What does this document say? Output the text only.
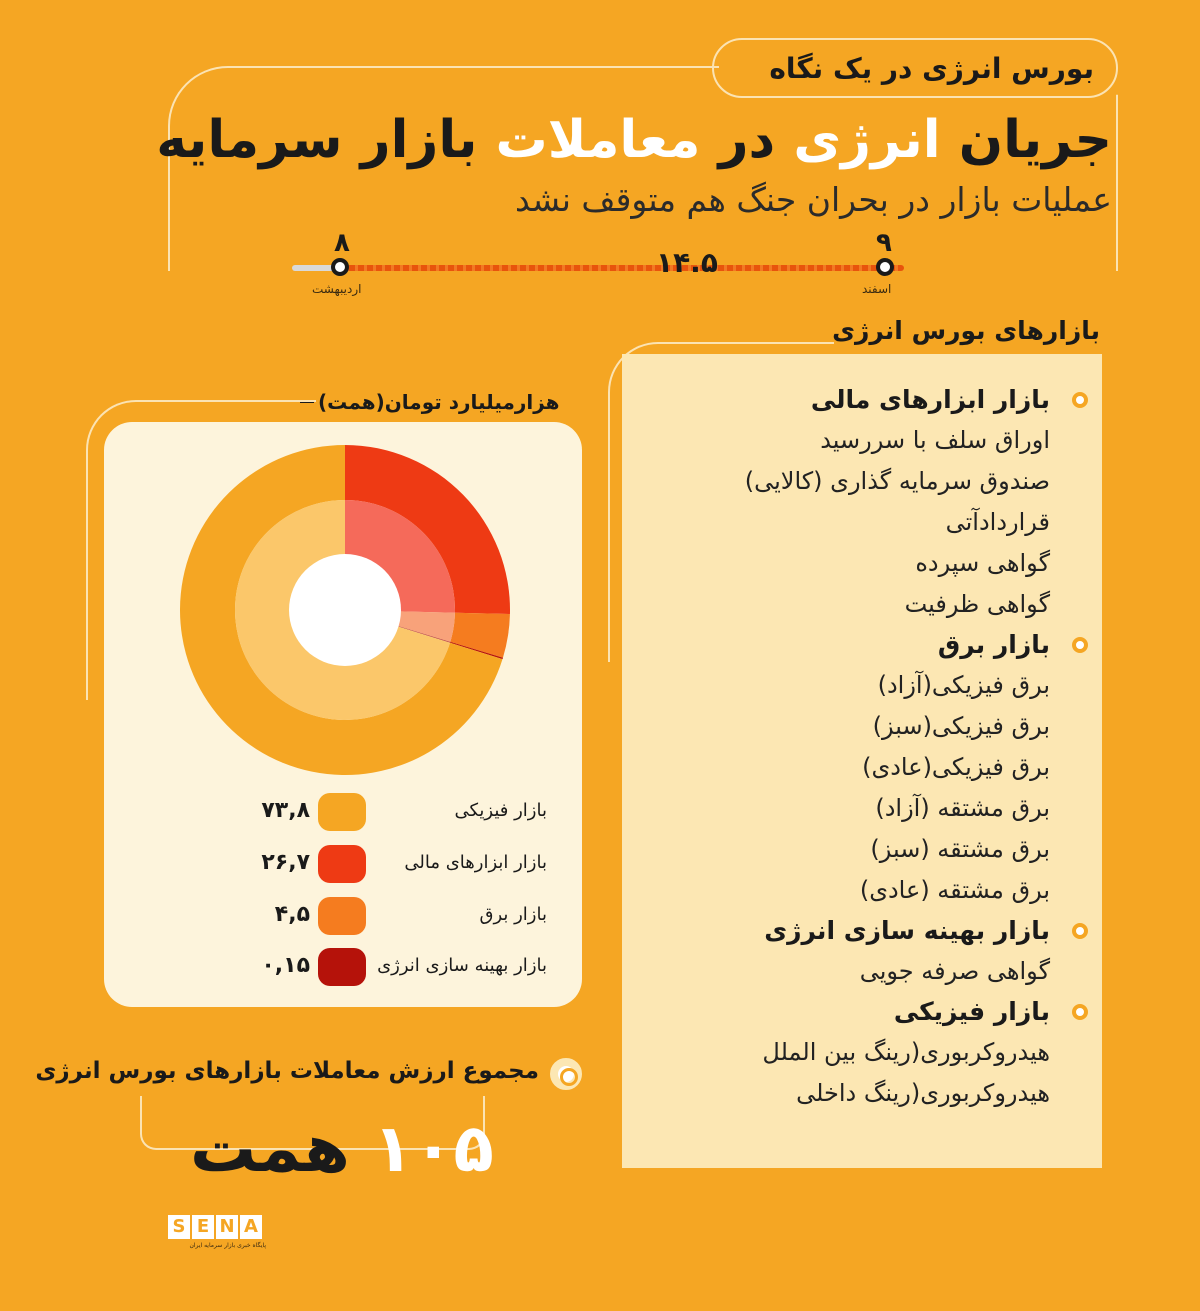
بورس انرژی در یک نگاه
جریان انرژی در معاملات بازار سرمایه
عملیات بازار در بحران جنگ هم متوقف نشد
۸
اردیبهشت
۱۴.۵
۹
اسفند
بازارهای بورس انرژی
بازار ابزارهای مالی
اوراق سلف با سررسید
صندوق سرمایه گذاری (کالایی)
قراردادآتی
گواهی سپرده
گواهی ظرفیت
بازار برق
برق فیزیکی(آزاد)
برق فیزیکی(سبز)
برق فیزیکی(عادی)
برق مشتقه (آزاد)
برق مشتقه (سبز)
برق مشتقه (عادی)
بازار بهینه سازی انرژی
گواهی صرفه جویی
بازار فیزیکی
هیدروکربوری(رینگ بین الملل
هیدروکربوری(رینگ داخلی
هزارمیلیارد تومان(همت)
۷۳,۸	بازار فیزیکی
۲۶,۷	بازار ابزارهای مالی
۴,۵	بازار برق
۰,۱۵	بازار بهینه سازی انرژی
مجموع ارزش معاملات بازارهای بورس انرژی
۱۰۵ همت
S E N A
پایگاه خبری بازار سرمایه ایران
